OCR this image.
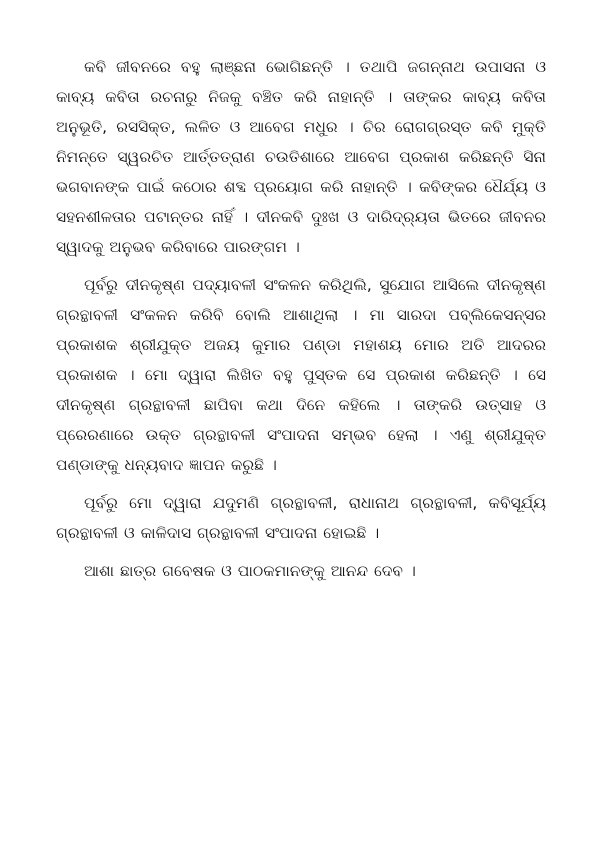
କବି ଜୀବନରେ ବହୁ ଲାଞ୍ଛନା ଭୋଗିଛନ୍ତି । ତଥାପି ଜଗନ୍ନାଥ ଉପାସନା ଓ କାବ୍ୟ କବିତା ରଚନାରୁ ନିଜକୁ ବଞ୍ଚିତ କରି ନାହାନ୍ତି । ତାଙ୍କର କାବ୍ୟ କବିତା ଅନୁଭୂତି, ରସସିକ୍ତ, ଲଳିତ ଓ ଆବେଗ ମଧୁର । ଚିର ରୋଗଗ୍ରସ୍ତ କବି ମୁକ୍ତି ନିମନ୍ତେ ସ୍ୱରଚିତ ଆର୍ତ୍ତତ୍ରାଣ ଚଉତିଶାରେ ଆବେଗ ପ୍ରକାଶ କରିଛନ୍ତି ସିନା ଭଗବାନଙ୍କ ପାଇଁ କଠୋର ଶବ୍ଦ ପ୍ରୟୋଗ କରି ନାହାନ୍ତି । କବିଙ୍କର ଧୈର୍ଯ୍ୟ ଓ ସହନଶୀଳତାର ପଟାନ୍ତର ନାହିଁ । ଦୀନକବି ଦୁଃଖ ଓ ଦାରିଦ୍ର୍ୟତା ଭିତରେ ଜୀବନର ସ୍ୱାଦକୁ ଅନୁଭବ କରିବାରେ ପାରଙ୍ଗମ ।

ପୂର୍ବରୁ ଦୀନକୃଷ୍ଣ ପଦ୍ୟାବଳୀ ସଂକଳନ କରିଥିଲି, ସୁଯୋଗ ଆସିଲେ ଦୀନକୃଷ୍ଣ ଗ୍ରନ୍ଥାବଳୀ ସଂକଳନ କରିବି ବୋଲି ଆଶାଥିଲା । ମା ସାରଦା ପବ୍ଲିକେସନ୍ସର ପ୍ରକାଶକ ଶ୍ରୀଯୁକ୍ତ ଅଜୟ କୁମାର ପଣ୍ଡା ମହାଶୟ ମୋର ଅତି ଆଦରର ପ୍ରକାଶକ । ମୋ ଦ୍ୱାରା ଲିଖିତ ବହୁ ପୁସ୍ତକ ସେ ପ୍ରକାଶ କରିଛନ୍ତି । ସେ ଦୀନକୃଷ୍ଣ ଗ୍ରନ୍ଥାବଳୀ ଛାପିବା କଥା ଦିନେ କହିଲେ । ତାଙ୍କରି ଉତ୍ସାହ ଓ ପ୍ରେରଣାରେ ଉକ୍ତ ଗ୍ରନ୍ଥାବଳୀ ସଂପାଦନା ସମ୍ଭବ ହେଲା । ଏଣୁ ଶ୍ରୀଯୁକ୍ତ ପଣ୍ଡାଙ୍କୁ ଧନ୍ୟବାଦ ଜ୍ଞାପନ କରୁଛି ।

ପୂର୍ବରୁ ମୋ ଦ୍ୱାରା ଯଦୁମଣି ଗ୍ରନ୍ଥାବଳୀ, ରାଧାନାଥ ଗ୍ରନ୍ଥାବଳୀ, କବିସୂର୍ଯ୍ୟ ଗ୍ରନ୍ଥାବଳୀ ଓ କାଳିଦାସ ଗ୍ରନ୍ଥାବଳୀ ସଂପାଦନା ହୋଇଛି ।

ଆଶା ଛାତ୍ର ଗବେଷକ ଓ ପାଠକମାନଙ୍କୁ ଆନନ୍ଦ ଦେବ ।
